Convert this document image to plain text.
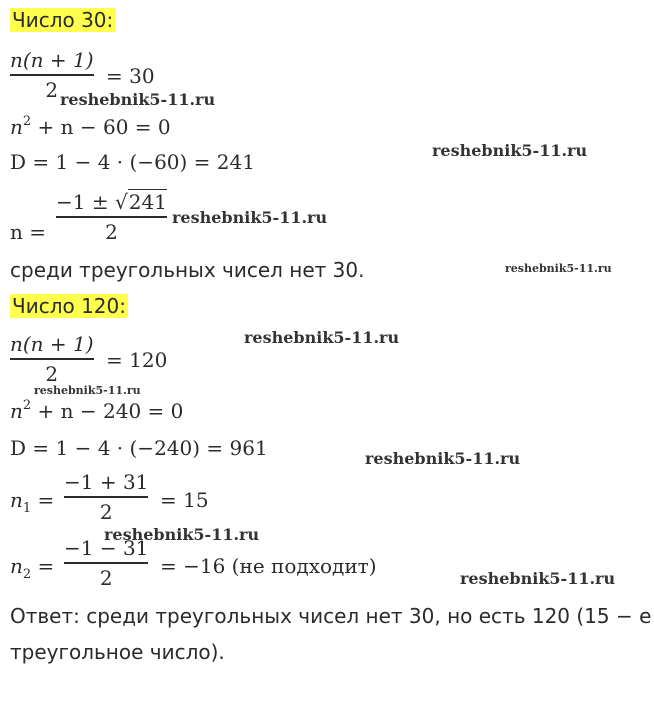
Число 30:
n(n + 1)
2
= 30
$n^2 + n - 60 = 0$
D = 1 − 4 · (−60) = 241
n =
−1 ± √241
2
среди треугольных чисел нет 30.
Число 120:
n(n + 1)
2
= 120
$n^2 + n - 240 = 0$
D = 1 − 4 · (−240) = 961
$n_1$ =
−1 + 31
2 = 15
$n_2$ =
−1 − 31
2 = −16 (не подходит)
Ответ: среди треугольных чисел нет 30, но есть 120 (15 − е
треугольное число).
reshebnik5-11.ru
reshebnik5-11.ru
reshebnik5-11.ru
reshebnik5-11.ru
reshebnik5-11.ru
reshebnik5-11.ru
reshebnik5-11.ru
reshebnik5-11.ru
reshebnik5-11.ru
